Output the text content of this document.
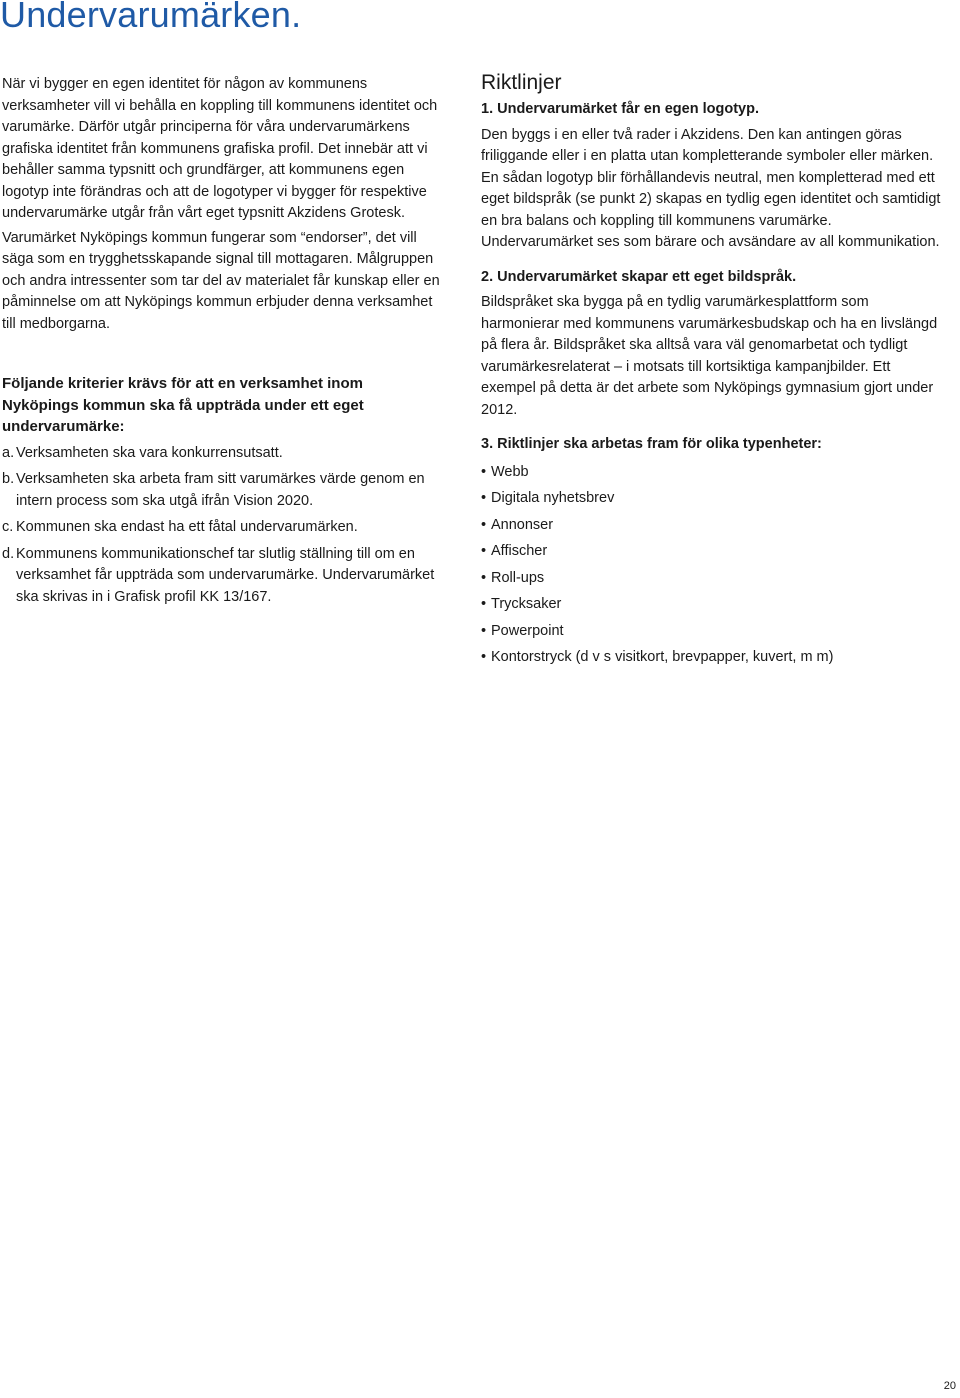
Undervarumärken.

När vi bygger en egen identitet för någon av kommunens verksamheter vill vi behålla en koppling till kommunens identitet och varumärke. Därför utgår principerna för våra undervarumärkens grafiska identitet från kommunens grafiska profil. Det innebär att vi behåller samma typsnitt och grundfärger, att kommunens egen logotyp inte förändras och att de logotyper vi bygger för respektive undervarumärke utgår från vårt eget typsnitt Akzidens Grotesk.

Varumärket Nyköpings kommun fungerar som “endorser”, det vill säga som en trygghetsskapande signal till mottagaren. Målgruppen och andra intressenter som tar del av materialet får kunskap eller en påminnelse om att Nyköpings kommun erbjuder denna verksamhet till medborgarna.

Följande kriterier krävs för att en verksamhet inom Nyköpings kommun ska få uppträda under ett eget undervarumärke:

a. Verksamheten ska vara konkurrensutsatt.
b. Verksamheten ska arbeta fram sitt varumärkes värde genom en intern process som ska utgå ifrån Vision 2020.
c. Kommunen ska endast ha ett fåtal undervarumärken.
d. Kommunens kommunikationschef tar slutlig ställning till om en verksamhet får uppträda som undervarumärke. Undervarumärket ska skrivas in i Grafisk profil KK 13/167.
Riktlinjer

1. Undervarumärket får en egen logotyp.

Den byggs i en eller två rader i Akzidens. Den kan antingen göras friliggande eller i en platta utan kompletterande symboler eller märken. En sådan logotyp blir förhållandevis neutral, men kompletterad med ett eget bildspråk (se punkt 2) skapas en tydlig egen identitet och samtidigt en bra balans och koppling till kommunens varumärke. Undervarumärket ses som bärare och avsändare av all kommunikation.

2. Undervarumärket skapar ett eget bildspråk.

Bildspråket ska bygga på en tydlig varumärkesplattform som harmonierar med kommunens varumärkesbudskap och ha en livslängd på flera år. Bildspråket ska alltså vara väl genomarbetat och tydligt varumärkesrelaterat – i motsats till kortsiktiga kampanjbilder. Ett exempel på detta är det arbete som Nyköpings gymnasium gjort under 2012.

3. Riktlinjer ska arbetas fram för olika typenheter:

• Webb
• Digitala nyhetsbrev
• Annonser
• Affischer
• Roll-ups
• Trycksaker
• Powerpoint
• Kontorstryck (d v s visitkort, brevpapper, kuvert, m m)
20
